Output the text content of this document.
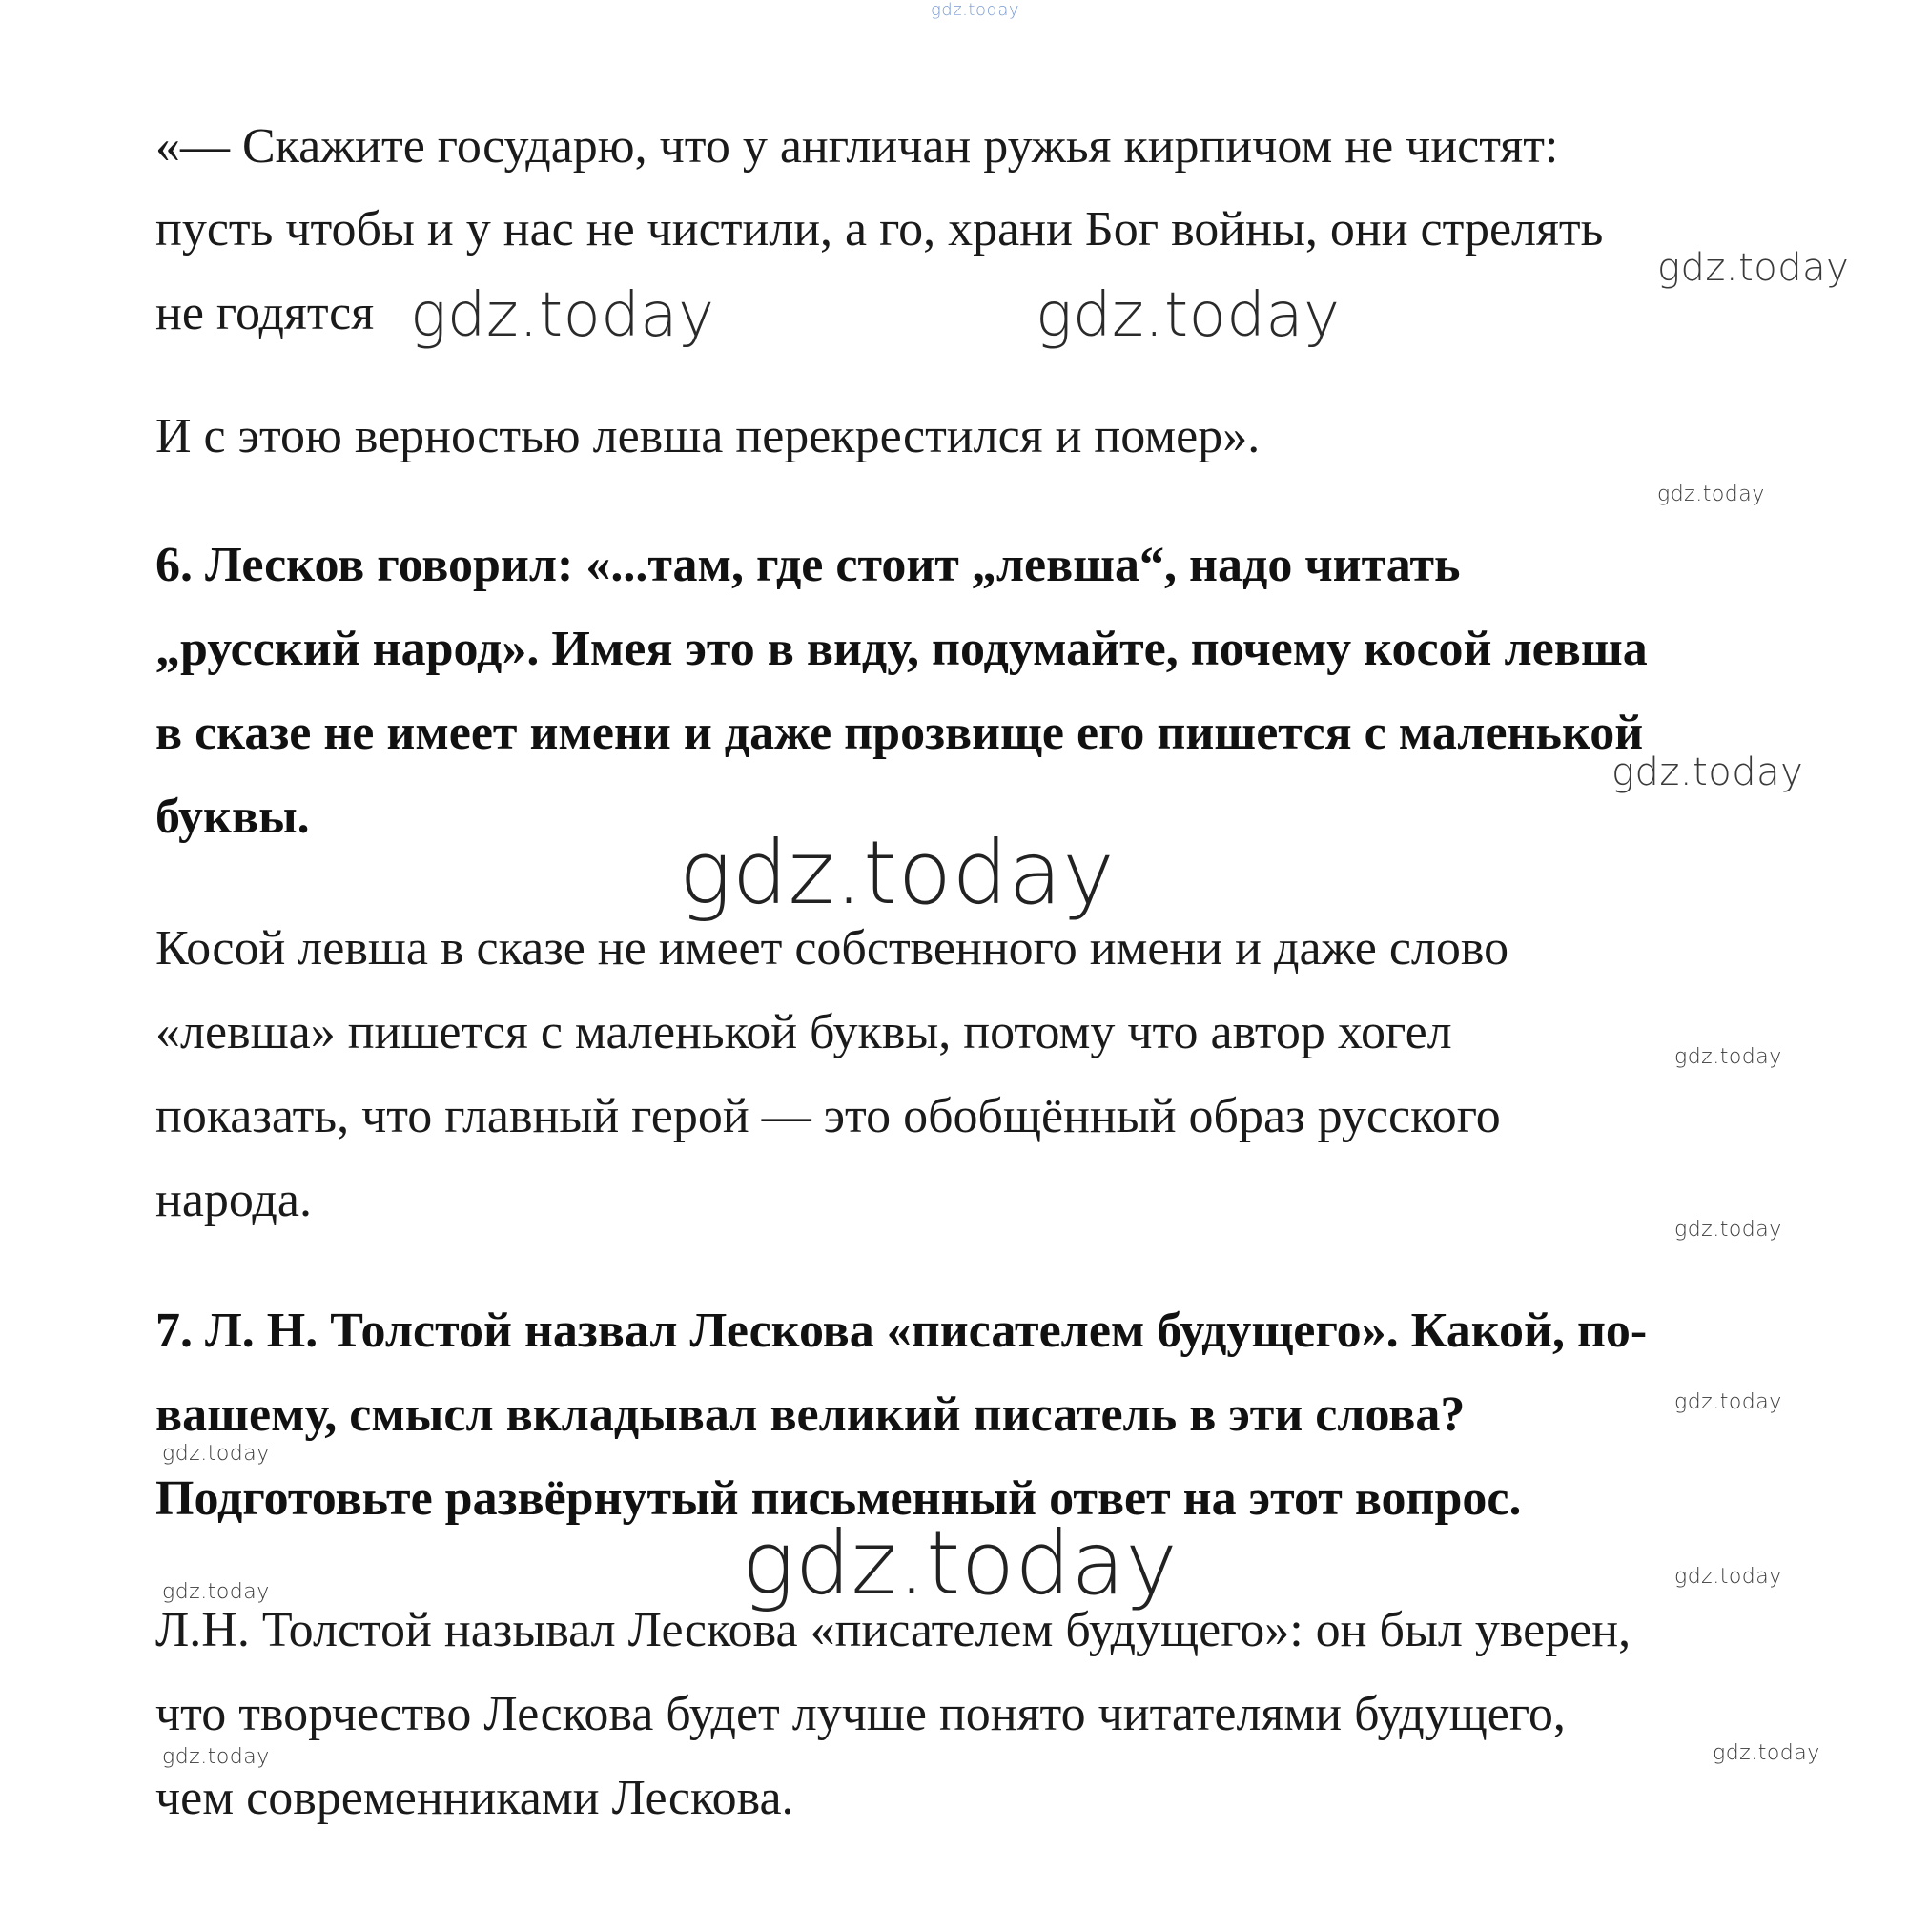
«— Скажите государю, что у англичан ружья кирпичом не чистят:
пусть чтобы и у нас не чистили, а го, храни Бог войны, они стрелять
не годятся
И с этою верностью левша перекрестился и помер».
6. Лесков говорил: «...там, где стоит „левша“, надо читать
„русский народ». Имея это в виду, подумайте, почему косой левша
в сказе не имеет имени и даже прозвище его пишется с маленькой
буквы.
Косой левша в сказе не имеет собственного имени и даже слово
«левша» пишется с маленькой буквы, потому что автор хогел
показать, что главный герой — это обобщённый образ русского
народа.
7. Л. Н. Толстой назвал Лескова «писателем будущего». Какой, по-
вашему, смысл вкладывал великий писатель в эти слова?
Подготовьте развёрнутый письменный ответ на этот вопрос.
Л.Н. Толстой называл Лескова «писателем будущего»: он был уверен,
что творчество Лескова будет лучше понято читателями будущего,
чем современниками Лескова.
gdz.today
gdz.today
gdz.today	gdz.today
gdz.today
gdz.today
gdz.today
gdz.today
gdz.today
gdz.today
gdz.today
gdz.today	gdz.today
gdz.today
gdz.today	gdz.today
